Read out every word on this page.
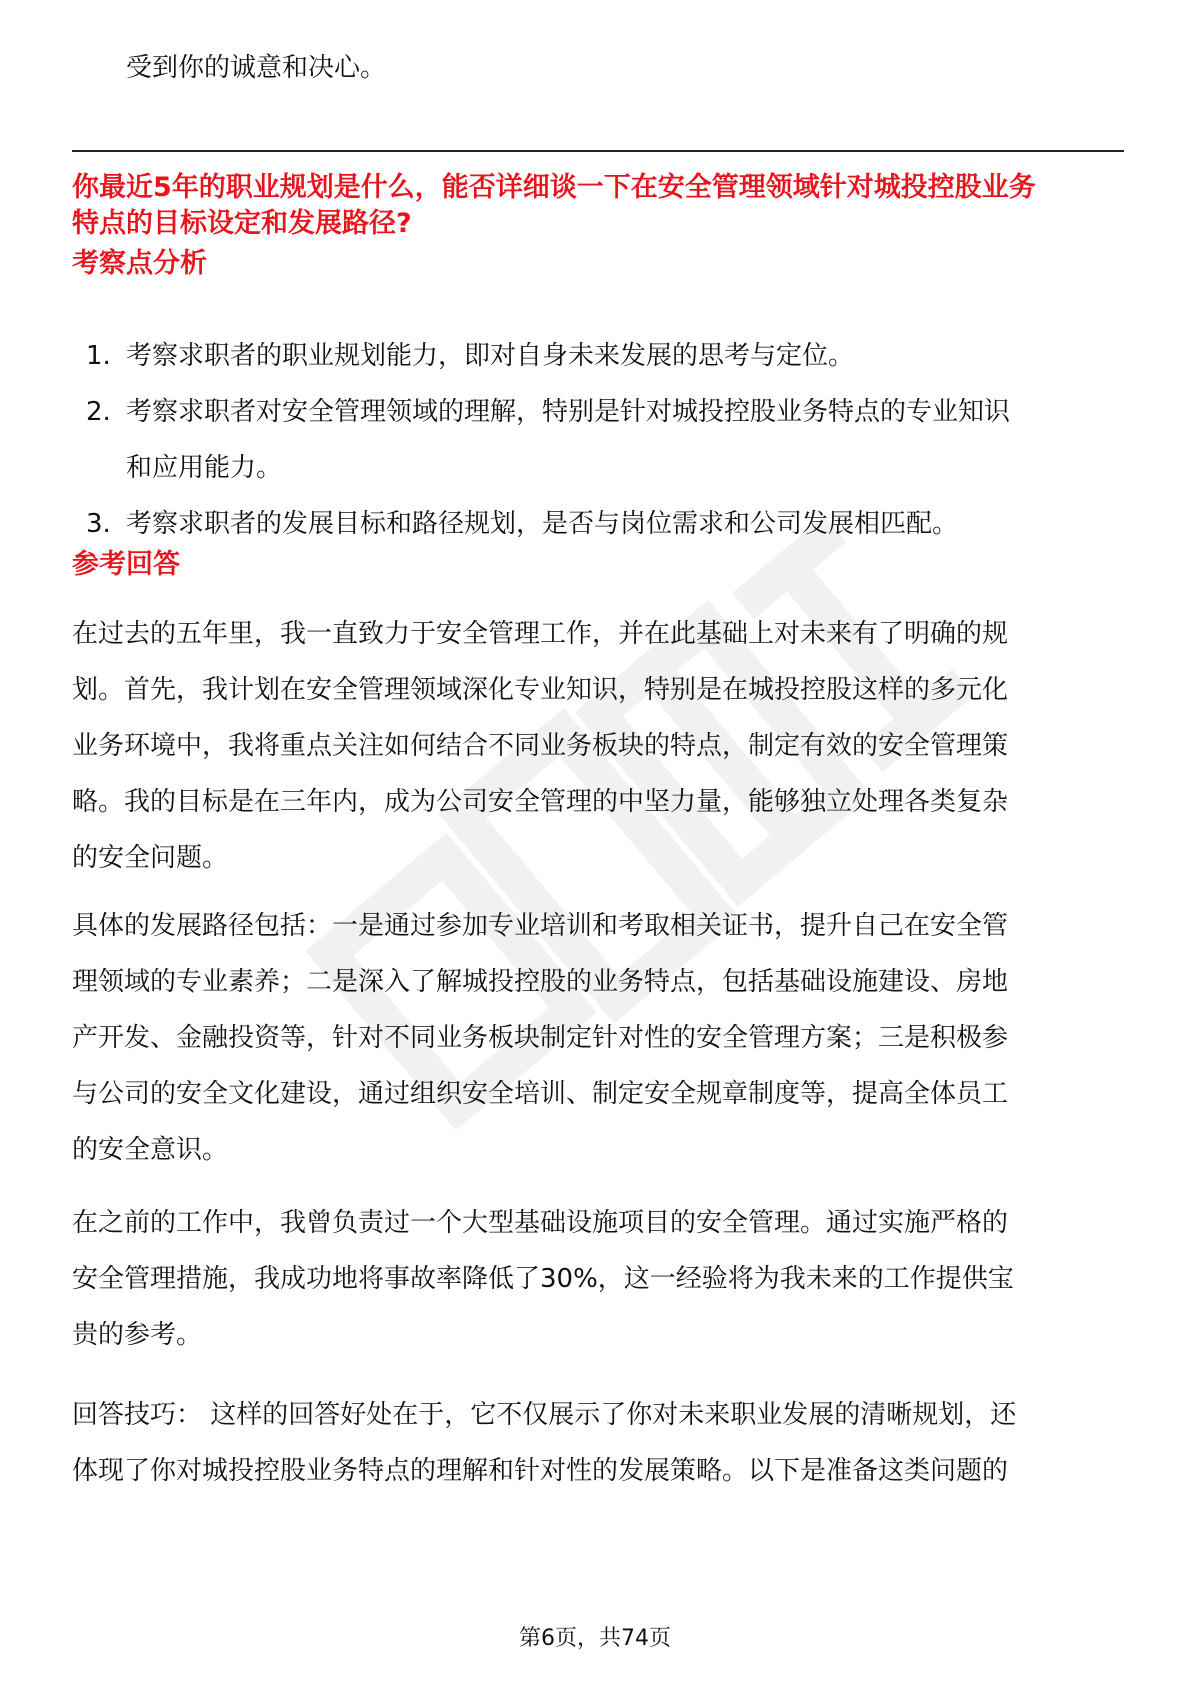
受到你的诚意和决心。
你最近5年的职业规划是什么，能否详细谈一下在安全管理领域针对城投控股业务
特点的目标设定和发展路径?
考察点分析
1. 考察求职者的职业规划能力，即对自身未来发展的思考与定位。
2. 考察求职者对安全管理领域的理解，特别是针对城投控股业务特点的专业知识
和应用能力。
3. 考察求职者的发展目标和路径规划，是否与岗位需求和公司发展相匹配。
参考回答
在过去的五年里，我一直致力于安全管理工作，并在此基础上对未来有了明确的规
划。首先，我计划在安全管理领域深化专业知识，特别是在城投控股这样的多元化
业务环境中，我将重点关注如何结合不同业务板块的特点，制定有效的安全管理策
略。我的目标是在三年内，成为公司安全管理的中坚力量，能够独立处理各类复杂
的安全问题。
具体的发展路径包括：一是通过参加专业培训和考取相关证书，提升自己在安全管
理领域的专业素养；二是深入了解城投控股的业务特点，包括基础设施建设、房地
产开发、金融投资等，针对不同业务板块制定针对性的安全管理方案；三是积极参
与公司的安全文化建设，通过组织安全培训、制定安全规章制度等，提高全体员工
的安全意识。
在之前的工作中，我曾负责过一个大型基础设施项目的安全管理。通过实施严格的
安全管理措施，我成功地将事故率降低了30%，这一经验将为我未来的工作提供宝
贵的参考。
回答技巧： 这样的回答好处在于，它不仅展示了你对未来职业发展的清晰规划，还
体现了你对城投控股业务特点的理解和针对性的发展策略。以下是准备这类问题的
第6页，共74页
